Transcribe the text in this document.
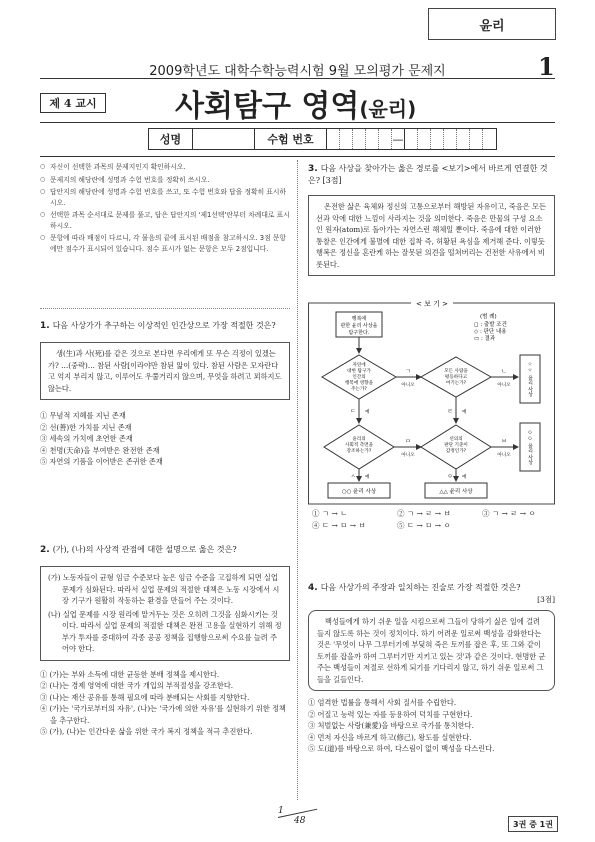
윤리
2009학년도 대학수학능력시험 9월 모의평가 문제지	1
제 4 교시	사회탐구 영역(윤리)
성명	수험 번호	—
○ 자신이 선택한 과목의 문제지인지 확인하시오.
○ 문제지의 해당란에 성명과 수험 번호를 정확히 쓰시오.
○ 답안지의 해당란에 성명과 수험 번호를 쓰고, 또 수험 번호와 답을 정확히 표시하시오.
○ 선택한 과목 순서대로 문제를 풀고, 답은 답안지의 '제1선택'란부터 차례대로 표시하시오.
○ 문항에 따라 배점이 다르니, 각 물음의 끝에 표시된 배점을 참고하시오. 3점 문항에만 점수가 표시되어 있습니다. 점수 표시가 없는 문항은 모두 2점입니다.
1. 다음 사상가가 추구하는 이상적인 인간상으로 가장 적절한 것은?
생(生)과 사(死)를 같은 것으로 본다면 우리에게 또 무슨 걱정이 있겠는가? …(중략)… 참된 사람[이라야만 참된 앎이 있다. 참된 사람은 모자란다고 억지 부리지 않고, 이루어도 우쭐거리지 않으며, 무엇을 하려고 꾀하지도 않는다.
① 무념적 지혜를 지닌 존재
② 선(善)한 가치를 지닌 존재
③ 세속의 가치에 초연한 존재
④ 천명(天命)을 부여받은 완전한 존재
⑤ 자연의 기품을 이어받은 존귀한 존재
2. (가), (나)의 사상적 관점에 대한 설명으로 옳은 것은?
(가) 노동자들이 균형 임금 수준보다 높은 임금 수준을 고집하게 되면 실업 문제가 심화된다. 따라서 실업 문제의 적절한 대책은 노동 시장에서 시장 기구가 원활히 작동하는 환경을 만들어 주는 것이다.
(나) 실업 문제를 시장 원리에 맡겨두는 것은 오히려 그것을 심화시키는 것이다. 따라서 실업 문제의 적절한 대책은 완전 고용을 실현하기 위해 정부가 투자를 증대하여 각종 공공 정책을 집행함으로써 수요를 늘려 주어야 한다.
① (가)는 부와 소득에 대한 균등한 분배 정책을 제시한다.
② (나)는 경제 영역에 대한 국가 개입의 부적절성을 강조한다.
③ (나)는 재산 공유를 통해 필요에 따라 분배되는 사회를 지향한다.
④ (가)는 '국가로부터의 자유', (나)는 '국가에 의한 자유'를 실현하기 위한 정책을 추구한다.
⑤ (가), (나)는 인간다운 삶을 위한 국가 복지 정책을 적극 추진한다.
3. 다음 사상을 찾아가는 옳은 경로를 <보기>에서 바르게 연결한 것은? [3점]
온전한 삶은 육체와 정신의 고통으로부터 해방된 자유이고, 죽음은 모든 선과 악에 대한 느낌이 사라지는 것을 의미한다. 죽음은 만물의 구성 요소인 원자(atom)로 돌아가는 자연스런 해체일 뿐이다. 죽음에 대한 이러한 통찰은 인간에게 불멸에 대한 집착 즉, 허황된 욕심을 제거해 준다. 이렇듯 행복은 정신을 혼란케 하는 잘못된 의견을 떨쳐버리는 건전한 사유에서 비롯된다.
< 보 기 >
(범 례)
◻ : 출발 조건
◇ : 판단 내용
▭ : 결과
행복에
관한 윤리 사상을
탐구한다.
자연에
대한 탐구가
인간의
행복에 영향을
주는가?
ㄱ
아니오
모든 사람을
평등하다고
여기는가?
ㄴ
아니오	☆☆ 윤리 사상
ㄷ 예	ㄹ 예
윤리의
사회적 측면을
강조하는가?
ㅁ
아니오
선의의
판단 기준이
감정인가?
ㅂ
아니오	◇◇ 윤리 사상
ㅅ 예	ㅇ 예
○○ 윤리 사상	△△ 윤리 사상
① ㄱ → ㄴ	② ㄱ → ㄹ → ㅂ	③ ㄱ → ㄹ → ㅇ
④ ㄷ → ㅁ → ㅂ	⑤ ㄷ → ㅁ → ㅇ
4. 다음 사상가의 주장과 일치하는 진술로 가장 적절한 것은?
[3점]
백성들에게 하기 쉬운 일을 시킴으로써 그들이 당하기 싫은 일에 걸려들지 않도록 하는 것이 정치이다. 하기 어려운 일로써 백성을 감화한다는 것은 '무엇이 나무 그루터기에 부딪혀 죽은 토끼를 잡은 후, 또 그와 같이 토끼를 잡을까 하여 그루터기만 지키고 있는 것'과 같은 것이다. 현명한 군주는 백성들이 저절로 선하게 되기를 기다리지 않고, 하기 쉬운 일로써 그들을 길들인다.
① 엄격한 법률을 통해서 사회 질서를 수립한다.
② 어질고 능력 있는 자를 등용하여 덕치를 구현한다.
③ 처벌없는 사랑(兼愛)을 바탕으로 국가를 통치한다.
④ 먼저 자신을 바르게 하고(修己), 왕도를 실현한다.
⑤ 도(道)를 바탕으로 하여, 다스림이 없이 백성을 다스린다.
1
48	3권 중 1권
